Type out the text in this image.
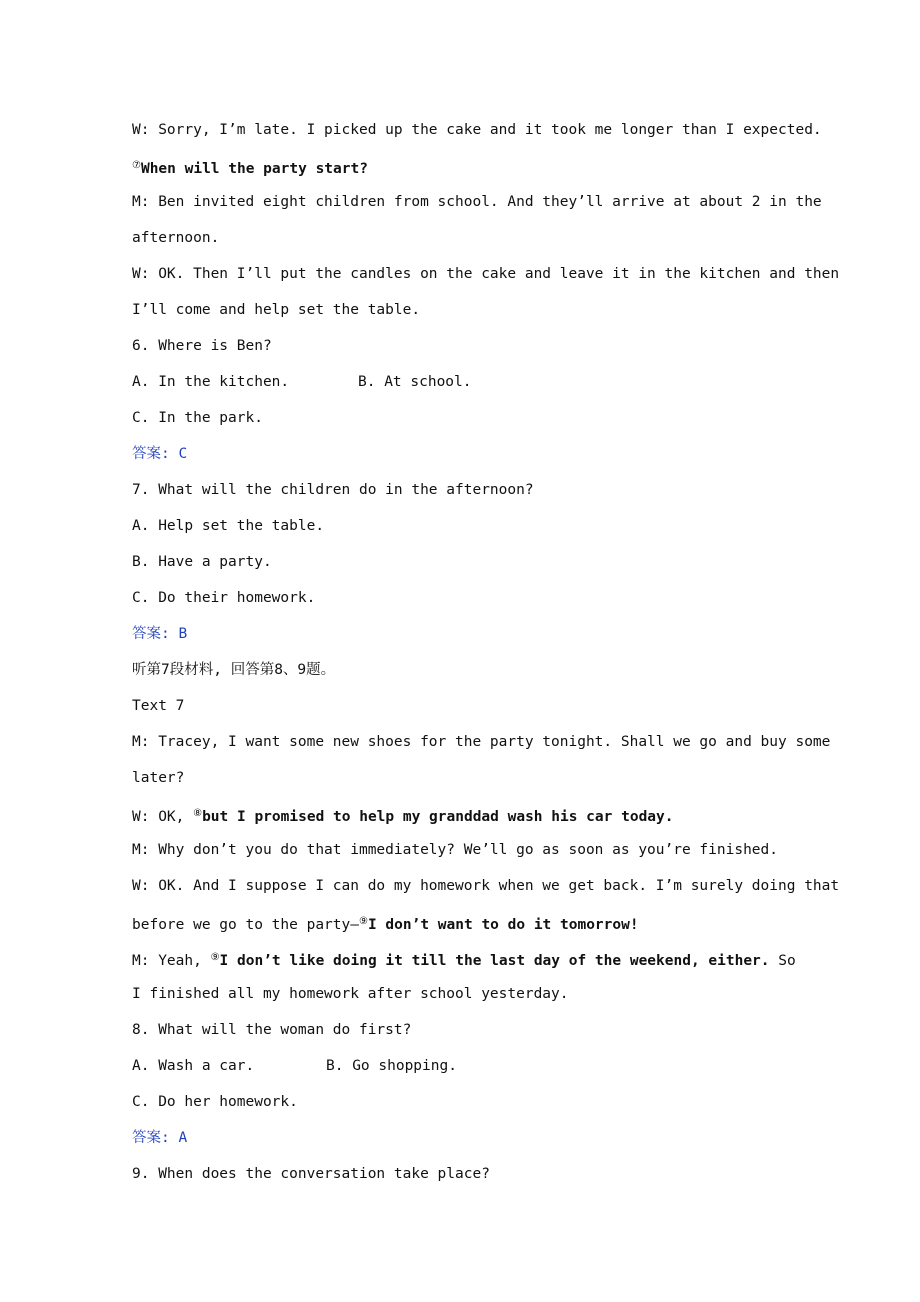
W: Sorry, I’m late. I picked up the cake and it took me longer than I expected.
⑦When will the party start?
M: Ben invited eight children from school. And they’ll arrive at about 2 in the
afternoon.
W: OK. Then I’ll put the candles on the cake and leave it in the kitchen and then
I’ll come and help set the table.
6. Where is Ben?
A. In the kitchen.	B. At school.
C. In the park.
答案: C
7. What will the children do in the afternoon?
A. Help set the table.
B. Have a party.
C. Do their homework.
答案: B
听第7段材料, 回答第8、9题。
Text 7
M: Tracey, I want some new shoes for the party tonight. Shall we go and buy some
later?
W: OK, ⑧but I promised to help my granddad wash his car today.
M: Why don’t you do that immediately? We’ll go as soon as you’re finished.
W: OK. And I suppose I can do my homework when we get back. I’m surely doing that
before we go to the party—⑨I don’t want to do it tomorrow!
M: Yeah, ⑨I don’t like doing it till the last day of the weekend, either. So
I finished all my homework after school yesterday.
8. What will the woman do first?
A. Wash a car.	B. Go shopping.
C. Do her homework.
答案: A
9. When does the conversation take place?
